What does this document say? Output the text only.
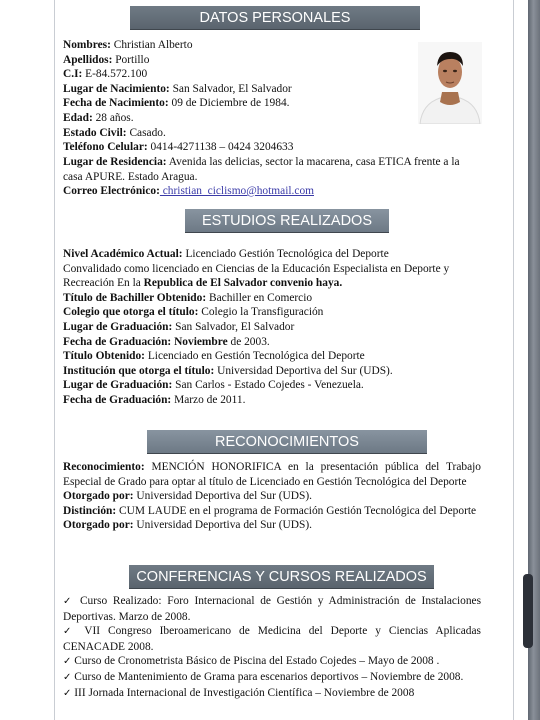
DATOS PERSONALES
ESTUDIOS REALIZADOS
RECONOCIMIENTOS
CONFERENCIAS Y CURSOS REALIZADOS
Nombres: Christian Alberto
Apellidos: Portillo
C.I: E-84.572.100
Lugar de Nacimiento: San Salvador, El Salvador
Fecha de Nacimiento: 09 de Diciembre de 1984.
Edad: 28 años.
Estado Civil: Casado.
Teléfono Celular: 0414-4271138 – 0424 3204633
Lugar de Residencia: Avenida las delicias, sector la macarena, casa ETICA frente a la casa APURE. Estado Aragua.
Correo Electrónico: christian_ciclismo@hotmail.com
Nivel Académico Actual: Licenciado Gestión Tecnológica del Deporte
Convalidado como licenciado en Ciencias de la Educación Especialista en Deporte y
Recreación En la Republica de El Salvador convenio haya.
Título de Bachiller Obtenido: Bachiller en Comercio
Colegio que otorga el título: Colegio la Transfiguración
Lugar de Graduación: San Salvador, El Salvador
Fecha de Graduación: Noviembre de 2003.
Título Obtenido: Licenciado en Gestión Tecnológica del Deporte
Institución que otorga el título: Universidad Deportiva del Sur (UDS).
Lugar de Graduación: San Carlos - Estado Cojedes - Venezuela.
Fecha de Graduación: Marzo de 2011.
Reconocimiento: MENCIÓN HONORIFICA en la presentación pública del Trabajo Especial de Grado para optar al título de Licenciado en Gestión Tecnológica del Deporte
Otorgado por: Universidad Deportiva del Sur (UDS).
Distinción: CUM LAUDE en el programa de Formación Gestión Tecnológica del Deporte
Otorgado por: Universidad Deportiva del Sur (UDS).
✓ Curso Realizado: Foro Internacional de Gestión y Administración de Instalaciones Deportivas. Marzo de 2008.
✓ VII Congreso Iberoamericano de Medicina del Deporte y Ciencias Aplicadas CENACADE 2008.
✓ Curso de Cronometrista Básico de Piscina del Estado Cojedes – Mayo de 2008 .
✓ Curso de Mantenimiento de Grama para escenarios deportivos – Noviembre de 2008.
✓ III Jornada Internacional de Investigación Científica – Noviembre de 2008
